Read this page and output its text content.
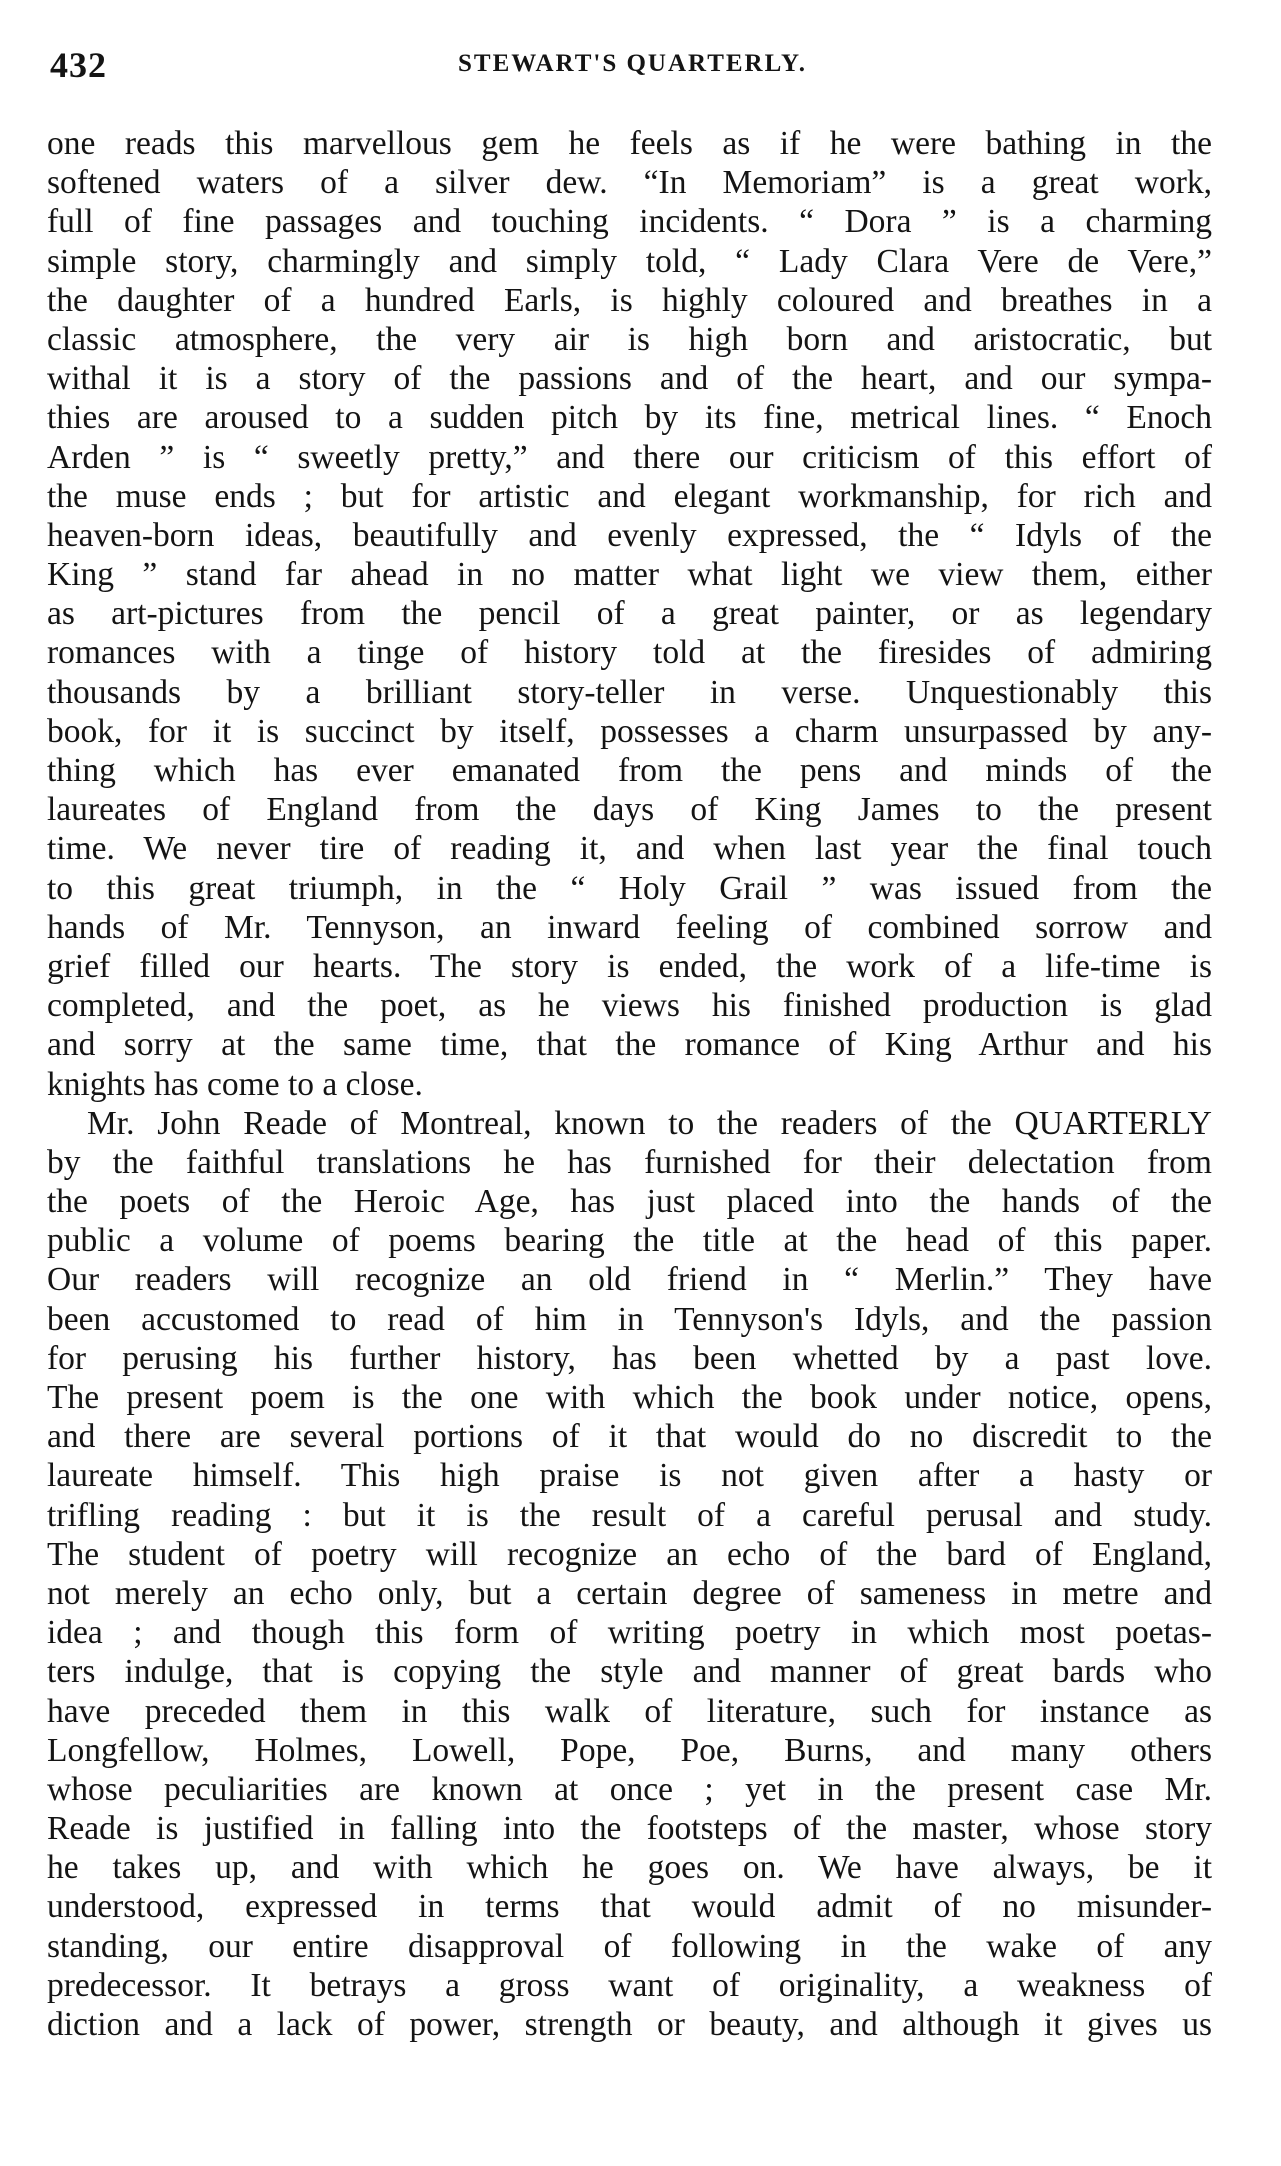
432	STEWART'S QUARTERLY.
one reads this marvellous gem he feels as if he were bathing in the
softened waters of a silver dew. “In Memoriam” is a great work,
full of fine passages and touching incidents. “ Dora ” is a charming
simple story, charmingly and simply told, “ Lady Clara Vere de Vere,”
the daughter of a hundred Earls, is highly coloured and breathes in a
classic atmosphere, the very air is high born and aristocratic, but
withal it is a story of the passions and of the heart, and our sympa-
thies are aroused to a sudden pitch by its fine, metrical lines. “ Enoch
Arden ” is “ sweetly pretty,” and there our criticism of this effort of
the muse ends ; but for artistic and elegant workmanship, for rich and
heaven-born ideas, beautifully and evenly expressed, the “ Idyls of the
King ” stand far ahead in no matter what light we view them, either
as art-pictures from the pencil of a great painter, or as legendary
romances with a tinge of history told at the firesides of admiring
thousands by a brilliant story-teller in verse. Unquestionably this
book, for it is succinct by itself, possesses a charm unsurpassed by any-
thing which has ever emanated from the pens and minds of the
laureates of England from the days of King James to the present
time. We never tire of reading it, and when last year the final touch
to this great triumph, in the “ Holy Grail ” was issued from the
hands of Mr. Tennyson, an inward feeling of combined sorrow and
grief filled our hearts. The story is ended, the work of a life-time is
completed, and the poet, as he views his finished production is glad
and sorry at the same time, that the romance of King Arthur and his
knights has come to a close.
Mr. John Reade of Montreal, known to the readers of the QUARTERLY
by the faithful translations he has furnished for their delectation from
the poets of the Heroic Age, has just placed into the hands of the
public a volume of poems bearing the title at the head of this paper.
Our readers will recognize an old friend in “ Merlin.” They have
been accustomed to read of him in Tennyson's Idyls, and the passion
for perusing his further history, has been whetted by a past love.
The present poem is the one with which the book under notice, opens,
and there are several portions of it that would do no discredit to the
laureate himself. This high praise is not given after a hasty or
trifling reading : but it is the result of a careful perusal and study.
The student of poetry will recognize an echo of the bard of England,
not merely an echo only, but a certain degree of sameness in metre and
idea ; and though this form of writing poetry in which most poetas-
ters indulge, that is copying the style and manner of great bards who
have preceded them in this walk of literature, such for instance as
Longfellow, Holmes, Lowell, Pope, Poe, Burns, and many others
whose peculiarities are known at once ; yet in the present case Mr.
Reade is justified in falling into the footsteps of the master, whose story
he takes up, and with which he goes on. We have always, be it
understood, expressed in terms that would admit of no misunder-
standing, our entire disapproval of following in the wake of any
predecessor. It betrays a gross want of originality, a weakness of
diction and a lack of power, strength or beauty, and although it gives us
